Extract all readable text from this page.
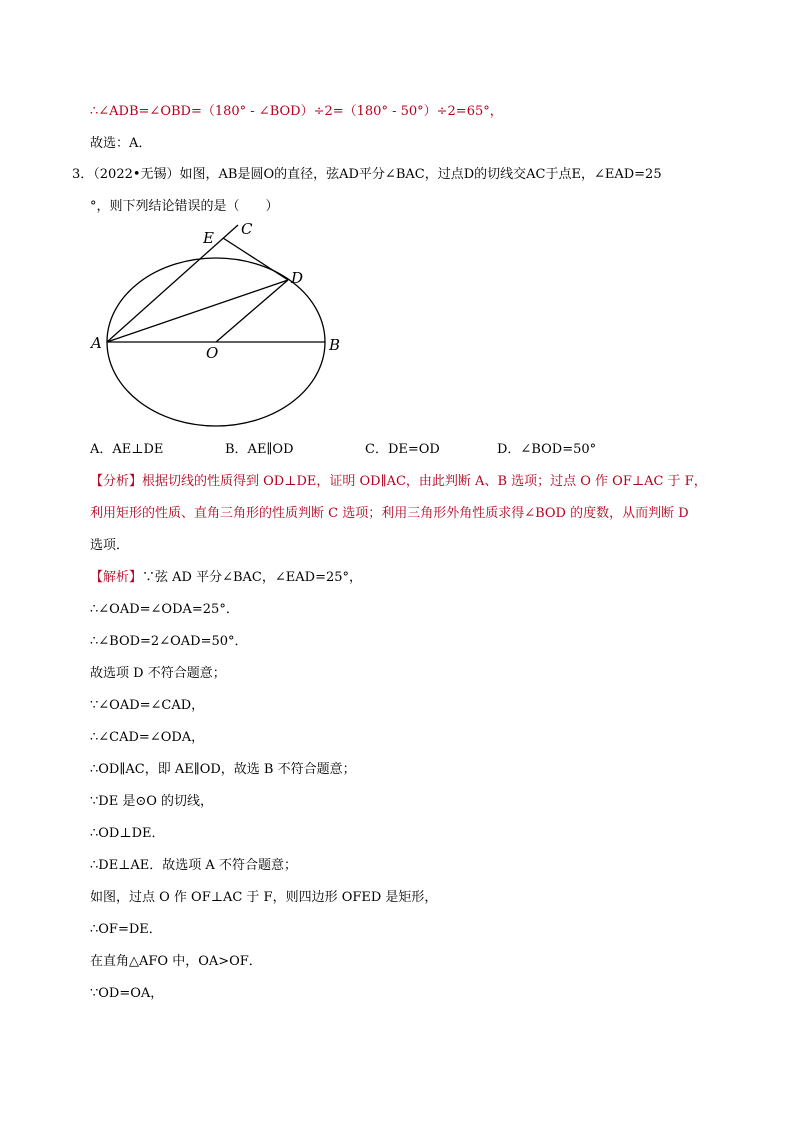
∴∠ADB=∠OBD=（180° - ∠BOD）÷2=（180° - 50°）÷2=65°，
故选：A．
3．（2022•无锡）如图，AB是圆O的直径，弦AD平分∠BAC，过点D的切线交AC于点E，∠EAD=25
°，则下列结论错误的是（　　）
E C
D
A
O	B
A．AE⊥DE	B．AE∥OD	C．DE=OD	D．∠BOD=50°
【分析】根据切线的性质得到 OD⊥DE，证明 OD∥AC，由此判断 A、B 选项；过点 O 作 OF⊥AC 于 F，
利用矩形的性质、直角三角形的性质判断 C 选项；利用三角形外角性质求得∠BOD 的度数，从而判断 D
选项．
【解析】∵弦 AD 平分∠BAC，∠EAD=25°，
∴∠OAD=∠ODA=25°．
∴∠BOD=2∠OAD=50°．
故选项 D 不符合题意；
∵∠OAD=∠CAD，
∴∠CAD=∠ODA，
∴OD∥AC，即 AE∥OD，故选 B 不符合题意；
∵DE 是⊙O 的切线，
∴OD⊥DE．
∴DE⊥AE．故选项 A 不符合题意；
如图，过点 O 作 OF⊥AC 于 F，则四边形 OFED 是矩形，
∴OF=DE．
在直角△AFO 中，OA>OF．
∵OD=OA，
